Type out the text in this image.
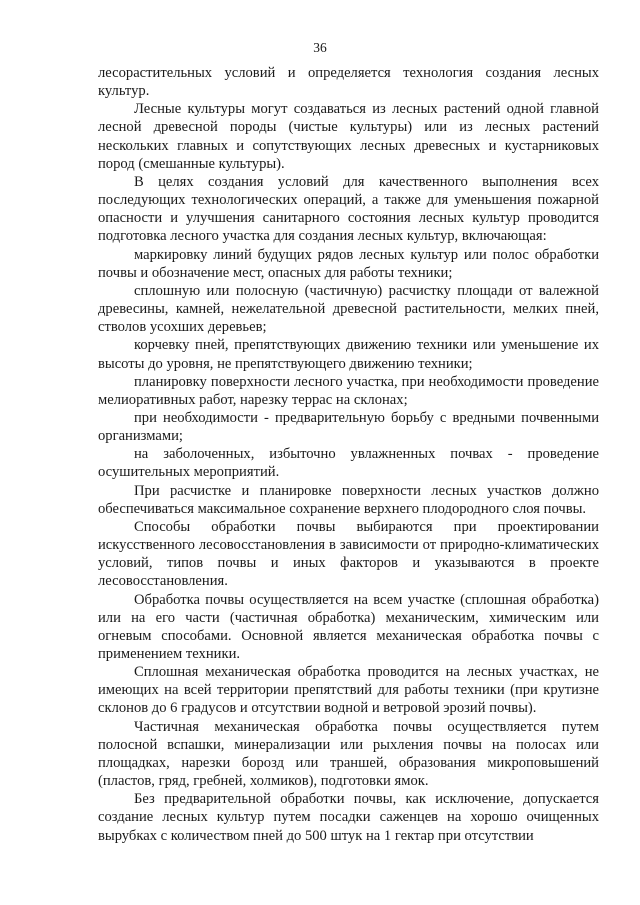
36

лесорастительных условий и определяется технология создания лесных культур.

Лесные культуры могут создаваться из лесных растений одной главной лесной древесной породы (чистые культуры) или из лесных растений нескольких главных и сопутствующих лесных древесных и кустарниковых пород (смешанные культуры).

В целях создания условий для качественного выполнения всех последующих технологических операций, а также для уменьшения пожарной опасности и улучшения санитарного состояния лесных культур проводится подготовка лесного участка для создания лесных культур, включающая:

маркировку линий будущих рядов лесных культур или полос обработки почвы и обозначение мест, опасных для работы техники;

сплошную или полосную (частичную) расчистку площади от валежной древесины, камней, нежелательной древесной растительности, мелких пней, стволов усохших деревьев;

корчевку пней, препятствующих движению техники или уменьшение их высоты до уровня, не препятствующего движению техники;

планировку поверхности лесного участка, при необходимости проведение мелиоративных работ, нарезку террас на склонах;

при необходимости - предварительную борьбу с вредными почвенными организмами;

на заболоченных, избыточно увлажненных почвах - проведение осушительных мероприятий.

При расчистке и планировке поверхности лесных участков должно обеспечиваться максимальное сохранение верхнего плодородного слоя почвы.

Способы обработки почвы выбираются при проектировании искусственного лесовосстановления в зависимости от природно-климатических условий, типов почвы и иных факторов и указываются в проекте лесовосстановления.

Обработка почвы осуществляется на всем участке (сплошная обработка) или на его части (частичная обработка) механическим, химическим или огневым способами. Основной является механическая обработка почвы с применением техники.

Сплошная механическая обработка проводится на лесных участках, не имеющих на всей территории препятствий для работы техники (при крутизне склонов до 6 градусов и отсутствии водной и ветровой эрозий почвы).

Частичная механическая обработка почвы осуществляется путем полосной вспашки, минерализации или рыхления почвы на полосах или площадках, нарезки борозд или траншей, образования микроповышений (пластов, гряд, гребней, холмиков), подготовки ямок.

Без предварительной обработки почвы, как исключение, допускается создание лесных культур путем посадки саженцев на хорошо очищенных вырубках с количеством пней до 500 штук на 1 гектар при отсутствии
